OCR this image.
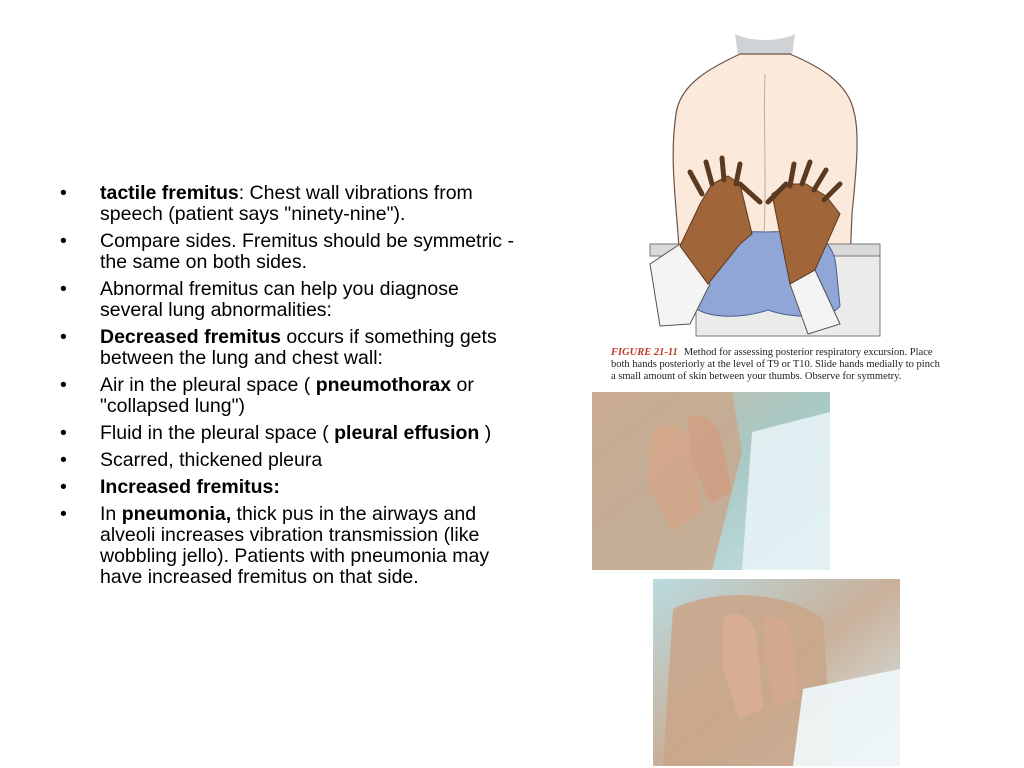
• tactile fremitus: Chest wall vibrations from speech (patient says "ninety-nine").
• Compare sides. Fremitus should be symmetric - the same on both sides.
• Abnormal fremitus can help you diagnose several lung abnormalities:
• Decreased fremitus occurs if something gets between the lung and chest wall:
• Air in the pleural space ( pneumothorax or "collapsed lung")
• Fluid in the pleural space ( pleural effusion )
• Scarred, thickened pleura
• Increased fremitus:
• In pneumonia, thick pus in the airways and alveoli increases vibration transmission (like wobbling jello). Patients with pneumonia may have increased fremitus on that side.
FIGURE 21-11 Method for assessing posterior respiratory excursion. Place both hands posteriorly at the level of T9 or T10. Slide hands medially to pinch a small amount of skin between your thumbs. Observe for symmetry.
